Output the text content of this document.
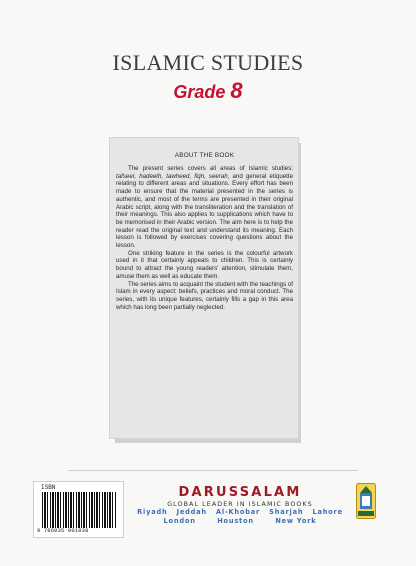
ISLAMIC STUDIES
Grade 8
ABOUT THE BOOK

The present series covers all areas of Islamic studies: tafseer, hadeeth, tawheed, fiqh, seerah, and general etiquette relating to different areas and situations. Every effort has been made to ensure that the material presented in the series is authentic, and most of the terms are presented in their original Arabic script, along with the transliteration and the translation of their meanings. This also applies to supplications which have to be memorised in their Arabic version. The aim here is to help the reader read the original text and understand its meaning. Each lesson is followed by exercises covering questions about the lesson.

One striking feature in the series is the colourful artwork used in it that certainly appeals to children. This is certainly bound to attract the young readers' attention, stimulate them, amuse them as well as educate them.

The series aims to acquaint the student with the teachings of Islam in every aspect: beliefs, practices and moral conduct. The series, with its unique features, certainly fills a gap in this area which has long been partially neglected.

ISBN
9 786035 001038
DARUSSALAM
GLOBAL LEADER IN ISLAMIC BOOKS
Riyadh Jeddah Al-Khobar Sharjah Lahore
London	Houston	New York
